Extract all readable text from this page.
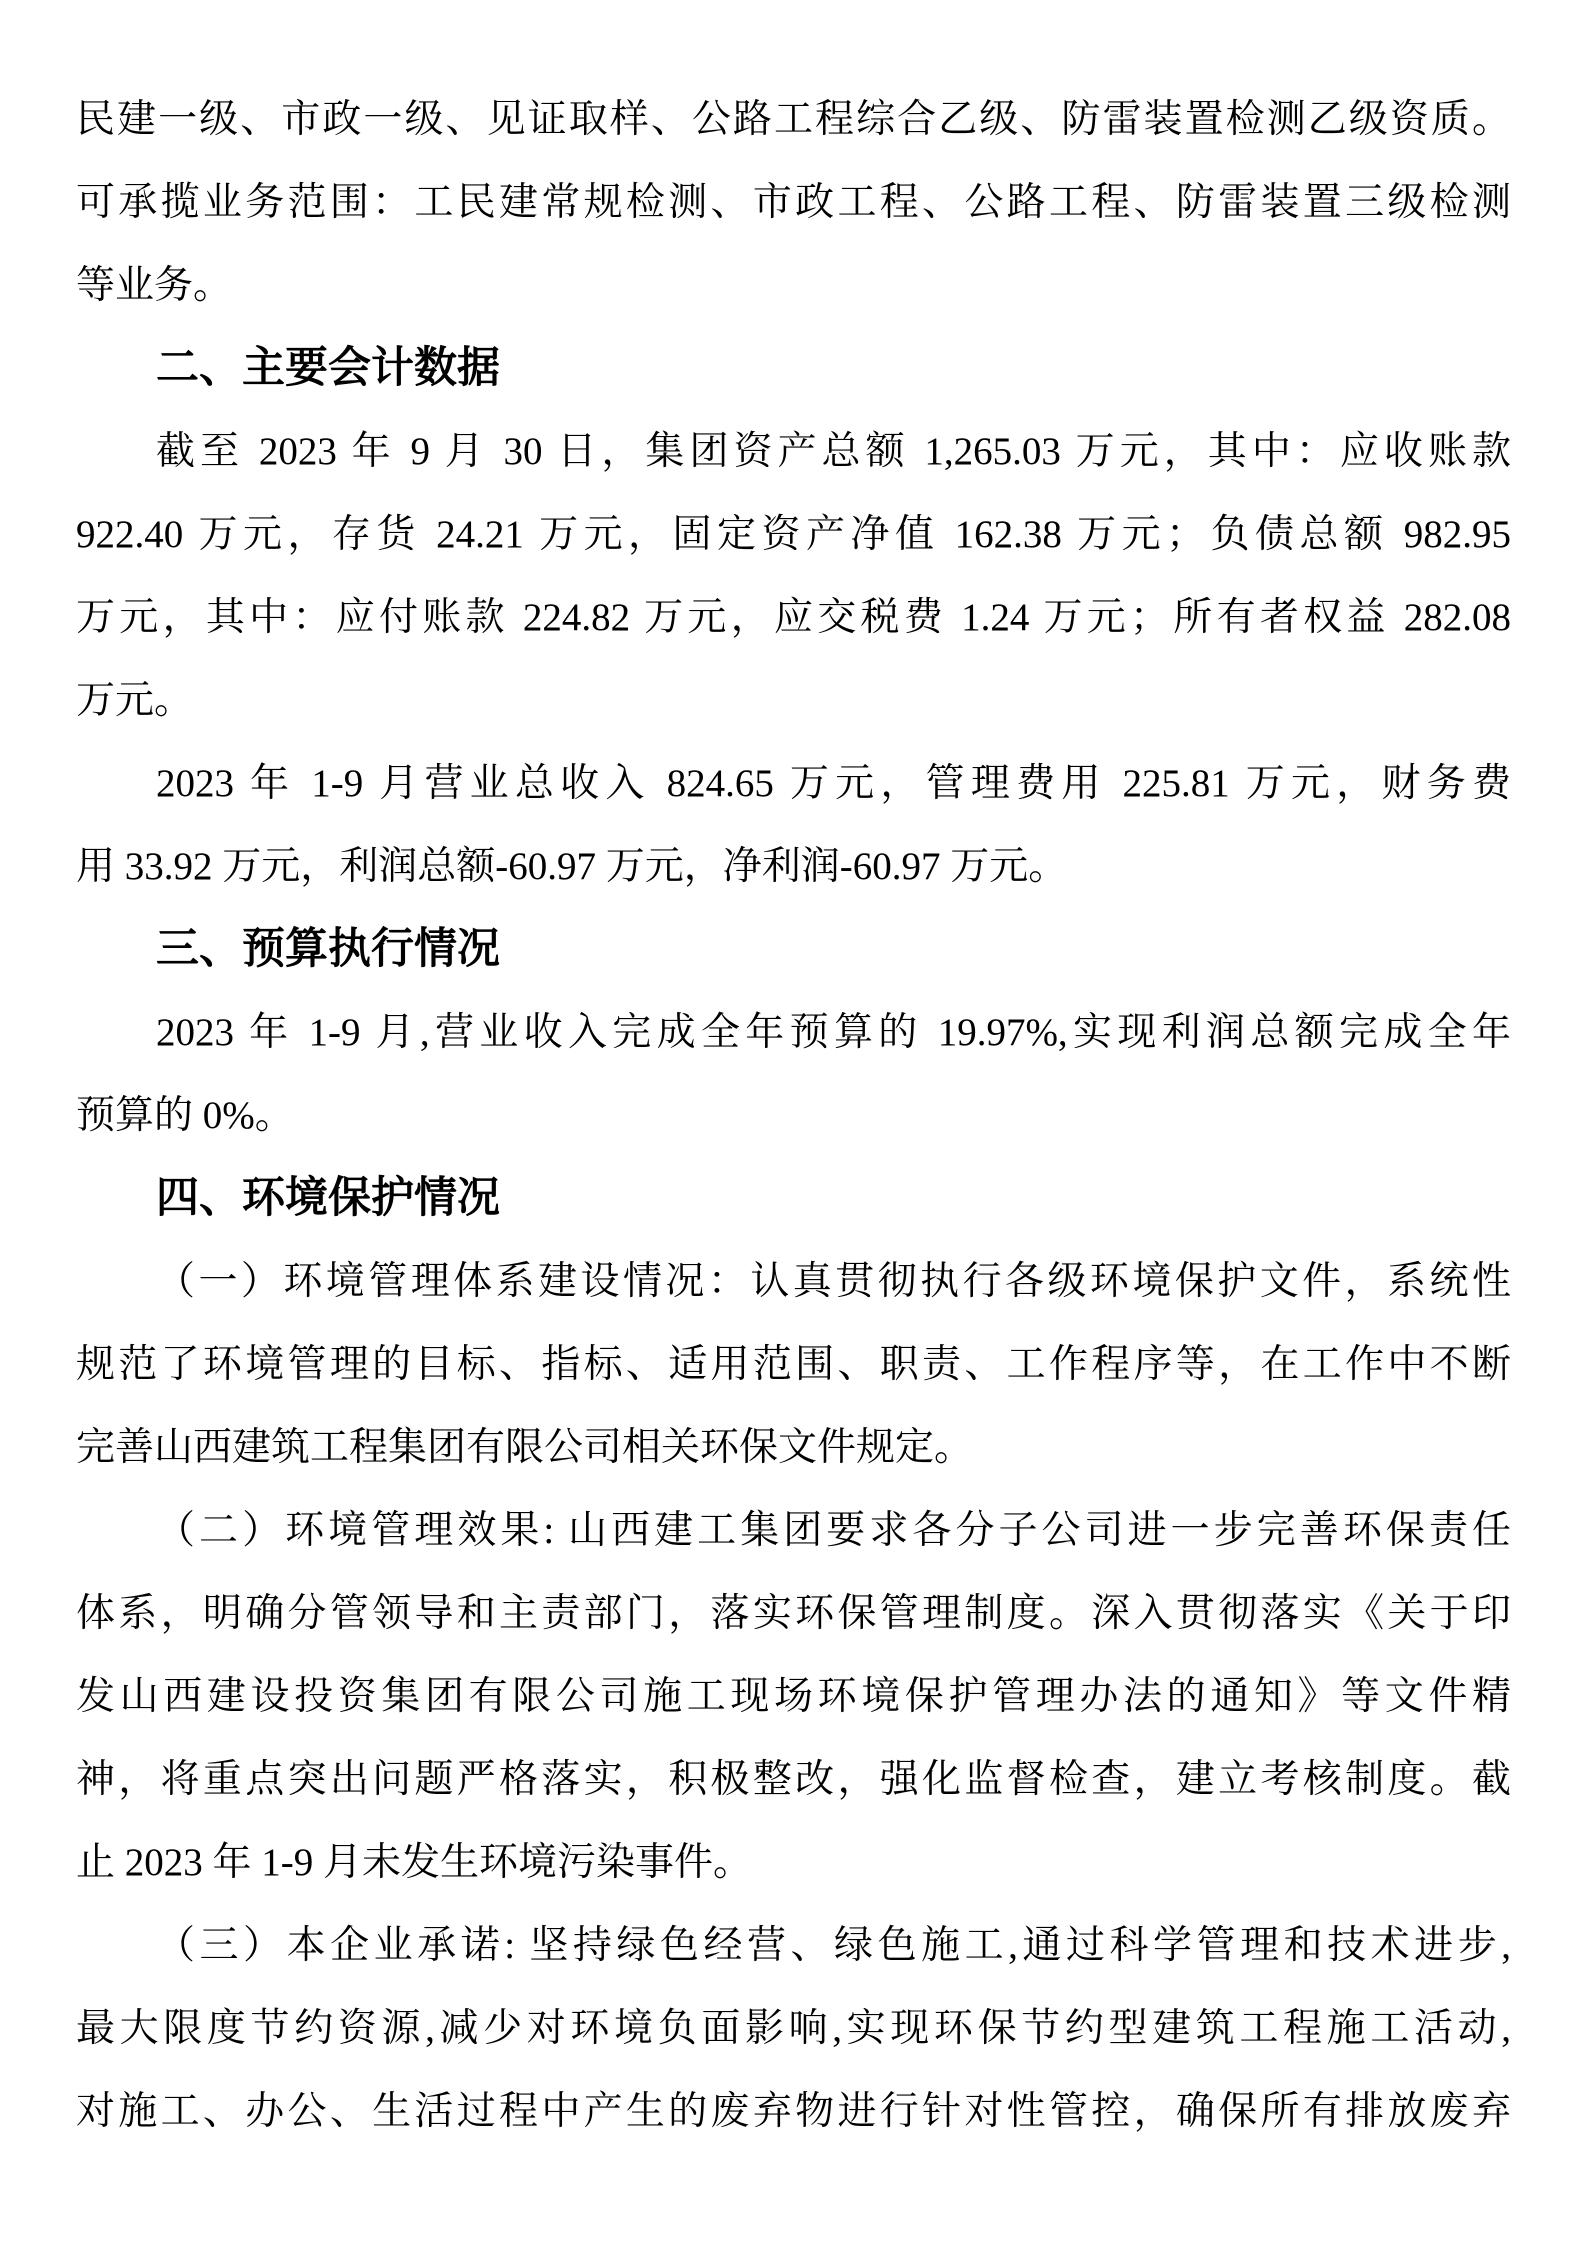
民建一级、市政一级、见证取样、公路工程综合乙级、防雷装置检测乙级资质。
可承揽业务范围：工民建常规检测、市政工程、公路工程、防雷装置三级检测
等业务。
二、主要会计数据
截至 2023 年 9 月 30 日，集团资产总额 1,265.03 万元，其中：应收账款
922.40 万元，存货 24.21 万元，固定资产净值 162.38 万元；负债总额 982.95
万元，其中：应付账款 224.82 万元，应交税费 1.24 万元；所有者权益 282.08
万元。
2023 年 1-9 月营业总收入 824.65 万元，管理费用 225.81 万元，财务费
用 33.92 万元，利润总额-60.97 万元，净利润-60.97 万元。
三、预算执行情况
2023 年 1-9 月,营业收入完成全年预算的 19.97%,实现利润总额完成全年
预算的 0%。
四、环境保护情况
（一）环境管理体系建设情况：认真贯彻执行各级环境保护文件，系统性
规范了环境管理的目标、指标、适用范围、职责、工作程序等，在工作中不断
完善山西建筑工程集团有限公司相关环保文件规定。
（二）环境管理效果: 山西建工集团要求各分子公司进一步完善环保责任
体系，明确分管领导和主责部门，落实环保管理制度。深入贯彻落实《关于印
发山西建设投资集团有限公司施工现场环境保护管理办法的通知》等文件精
神，将重点突出问题严格落实，积极整改，强化监督检查，建立考核制度。截
止 2023 年 1-9 月未发生环境污染事件。
（三）本企业承诺: 坚持绿色经营、绿色施工,通过科学管理和技术进步,
最大限度节约资源,减少对环境负面影响,实现环保节约型建筑工程施工活动,
对施工、办公、生活过程中产生的废弃物进行针对性管控，确保所有排放废弃
